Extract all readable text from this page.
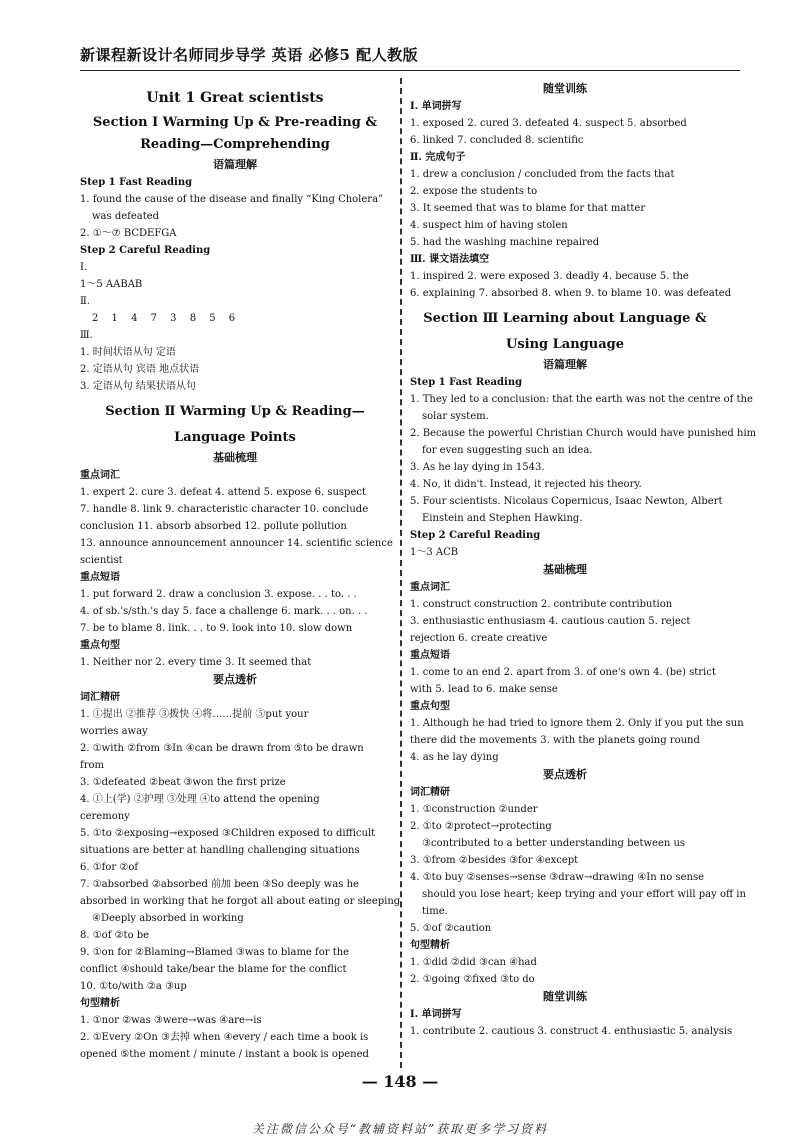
新课程新设计名师同步导学 英语 必修5 配人教版
Unit 1 Great scientists
Section Ⅰ Warming Up & Pre-reading &
Reading—Comprehending
语篇理解
Step 1 Fast Reading
1. found the cause of the disease and finally “King Cholera”
was defeated
2. ①～⑦ BCDEFGA
Step 2 Careful Reading
Ⅰ.
1～5 AABAB
Ⅱ.
2 1 4 7 3 8 5 6
Ⅲ.
1. 时间状语从句 定语
2. 定语从句 宾语 地点状语
3. 定语从句 结果状语从句
Section Ⅱ Warming Up & Reading—
Language Points
基础梳理
重点词汇
1. expert 2. cure 3. defeat 4. attend 5. expose 6. suspect
7. handle 8. link 9. characteristic character 10. conclude
conclusion 11. absorb absorbed 12. pollute pollution
13. announce announcement announcer 14. scientific science
scientist
重点短语
1. put forward 2. draw a conclusion 3. expose. . . to. . .
4. of sb.'s/sth.'s day 5. face a challenge 6. mark. . . on. . .
7. be to blame 8. link. . . to 9. look into 10. slow down
重点句型
1. Neither nor 2. every time 3. It seemed that
要点透析
词汇精研
1. ①提出 ②推荐 ③拨快 ④将……提前 ⑤put your
worries away
2. ①with ②from ③In ④can be drawn from ⑤to be drawn
from
3. ①defeated ②beat ③won the first prize
4. ①上(学) ②护理 ③处理 ④to attend the opening
ceremony
5. ①to ②exposing→exposed ③Children exposed to difficult
situations are better at handling challenging situations
6. ①for ②of
7. ①absorbed ②absorbed 前加 been ③So deeply was he
absorbed in working that he forgot all about eating or sleeping
④Deeply absorbed in working
8. ①of ②to be
9. ①on for ②Blaming→Blamed ③was to blame for the
conflict ④should take/bear the blame for the conflict
10. ①to/with ②a ③up
句型精析
1. ①nor ②was ③were→was ④are→is
2. ①Every ②On ③去掉 when ④every / each time a book is
opened ⑤the moment / minute / instant a book is opened
随堂训练
Ⅰ. 单词拼写
1. exposed 2. cured 3. defeated 4. suspect 5. absorbed
6. linked 7. concluded 8. scientific
Ⅱ. 完成句子
1. drew a conclusion / concluded from the facts that
2. expose the students to
3. It seemed that was to blame for that matter
4. suspect him of having stolen
5. had the washing machine repaired
Ⅲ. 课文语法填空
1. inspired 2. were exposed 3. deadly 4. because 5. the
6. explaining 7. absorbed 8. when 9. to blame 10. was defeated
Section Ⅲ Learning about Language &
Using Language
语篇理解
Step 1 Fast Reading
1. They led to a conclusion: that the earth was not the centre of the
solar system.
2. Because the powerful Christian Church would have punished him
for even suggesting such an idea.
3. As he lay dying in 1543.
4. No, it didn't. Instead, it rejected his theory.
5. Four scientists. Nicolaus Copernicus, Isaac Newton, Albert
Einstein and Stephen Hawking.
Step 2 Careful Reading
1～3 ACB
基础梳理
重点词汇
1. construct construction 2. contribute contribution
3. enthusiastic enthusiasm 4. cautious caution 5. reject
rejection 6. create creative
重点短语
1. come to an end 2. apart from 3. of one's own 4. (be) strict
with 5. lead to 6. make sense
重点句型
1. Although he had tried to ignore them 2. Only if you put the sun
there did the movements 3. with the planets going round
4. as he lay dying
要点透析
词汇精研
1. ①construction ②under
2. ①to ②protect→protecting
③contributed to a better understanding between us
3. ①from ②besides ③for ④except
4. ①to buy ②senses→sense ③draw→drawing ④In no sense
should you lose heart; keep trying and your effort will pay off in
time.
5. ①of ②caution
句型精析
1. ①did ②did ③can ④had
2. ①going ②fixed ③to do
随堂训练
Ⅰ. 单词拼写
1. contribute 2. cautious 3. construct 4. enthusiastic 5. analysis
— 148 —
关注微信公众号“教辅资料站”获取更多学习资料
